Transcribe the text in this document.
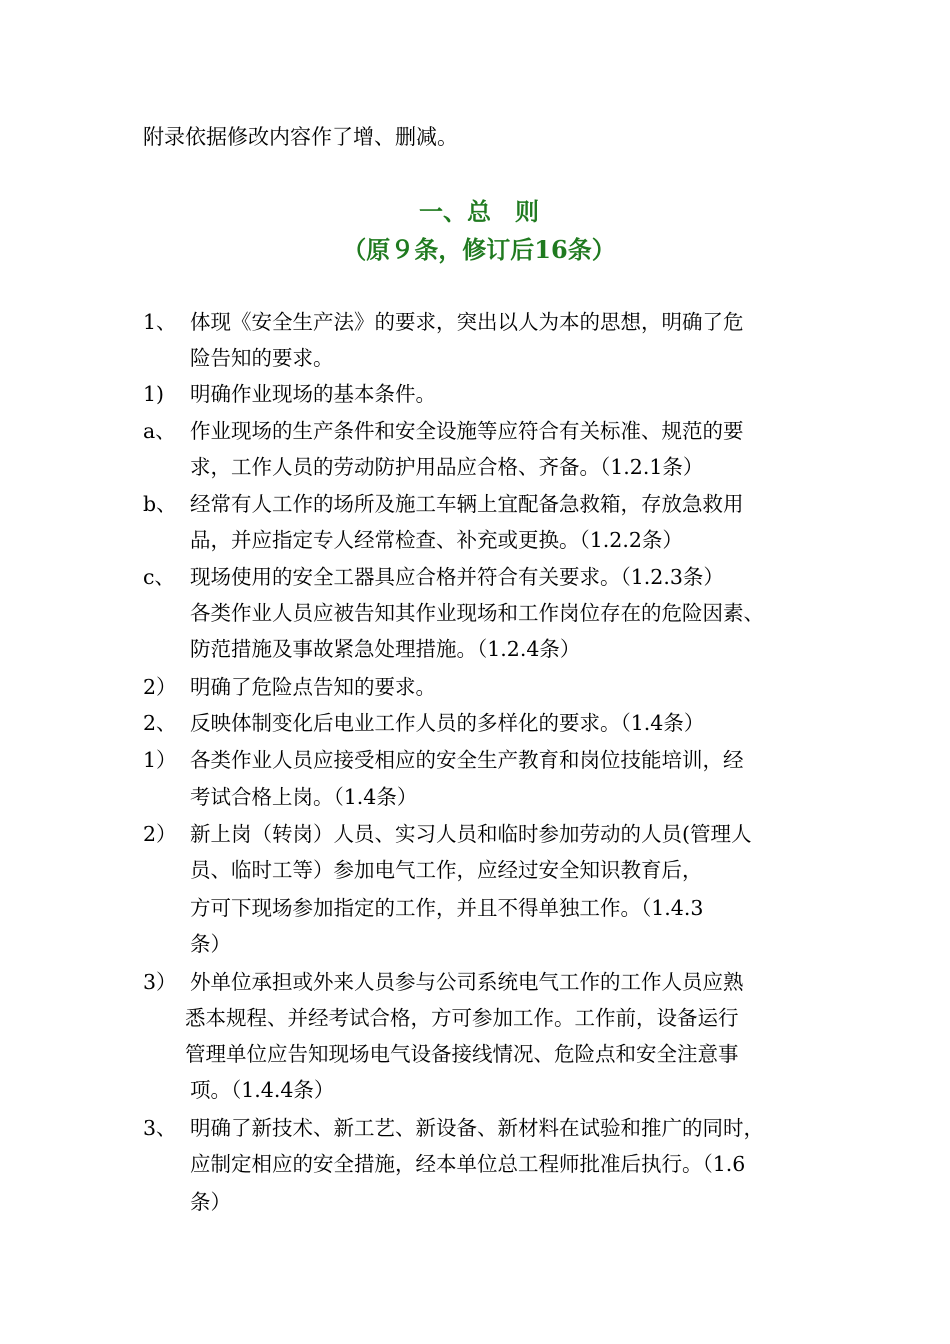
附录依据修改内容作了增、删减。
一、总　则
（原９条，修订后16条）
1、 体现《安全生产法》的要求，突出以人为本的思想，明确了危
险告知的要求。
1) 明确作业现场的基本条件。
a、 作业现场的生产条件和安全设施等应符合有关标准、规范的要
求，工作人员的劳动防护用品应合格、齐备。（1.2.1条）
b、 经常有人工作的场所及施工车辆上宜配备急救箱，存放急救用
品，并应指定专人经常检查、补充或更换。（1.2.2条）
c、 现场使用的安全工器具应合格并符合有关要求。（1.2.3条）
各类作业人员应被告知其作业现场和工作岗位存在的危险因素、
防范措施及事故紧急处理措施。（1.2.4条）
2） 明确了危险点告知的要求。
2、 反映体制变化后电业工作人员的多样化的要求。（1.4条）
1） 各类作业人员应接受相应的安全生产教育和岗位技能培训，经
考试合格上岗。（1.4条）
2） 新上岗（转岗）人员、实习人员和临时参加劳动的人员(管理人
员、临时工等）参加电气工作，应经过安全知识教育后，
方可下现场参加指定的工作，并且不得单独工作。（1.4.3
条）
3） 外单位承担或外来人员参与公司系统电气工作的工作人员应熟
悉本规程、并经考试合格，方可参加工作。工作前，设备运行
管理单位应告知现场电气设备接线情况、危险点和安全注意事
项。（1.4.4条）
3、 明确了新技术、新工艺、新设备、新材料在试验和推广的同时，
应制定相应的安全措施，经本单位总工程师批准后执行。（1.6
条）
